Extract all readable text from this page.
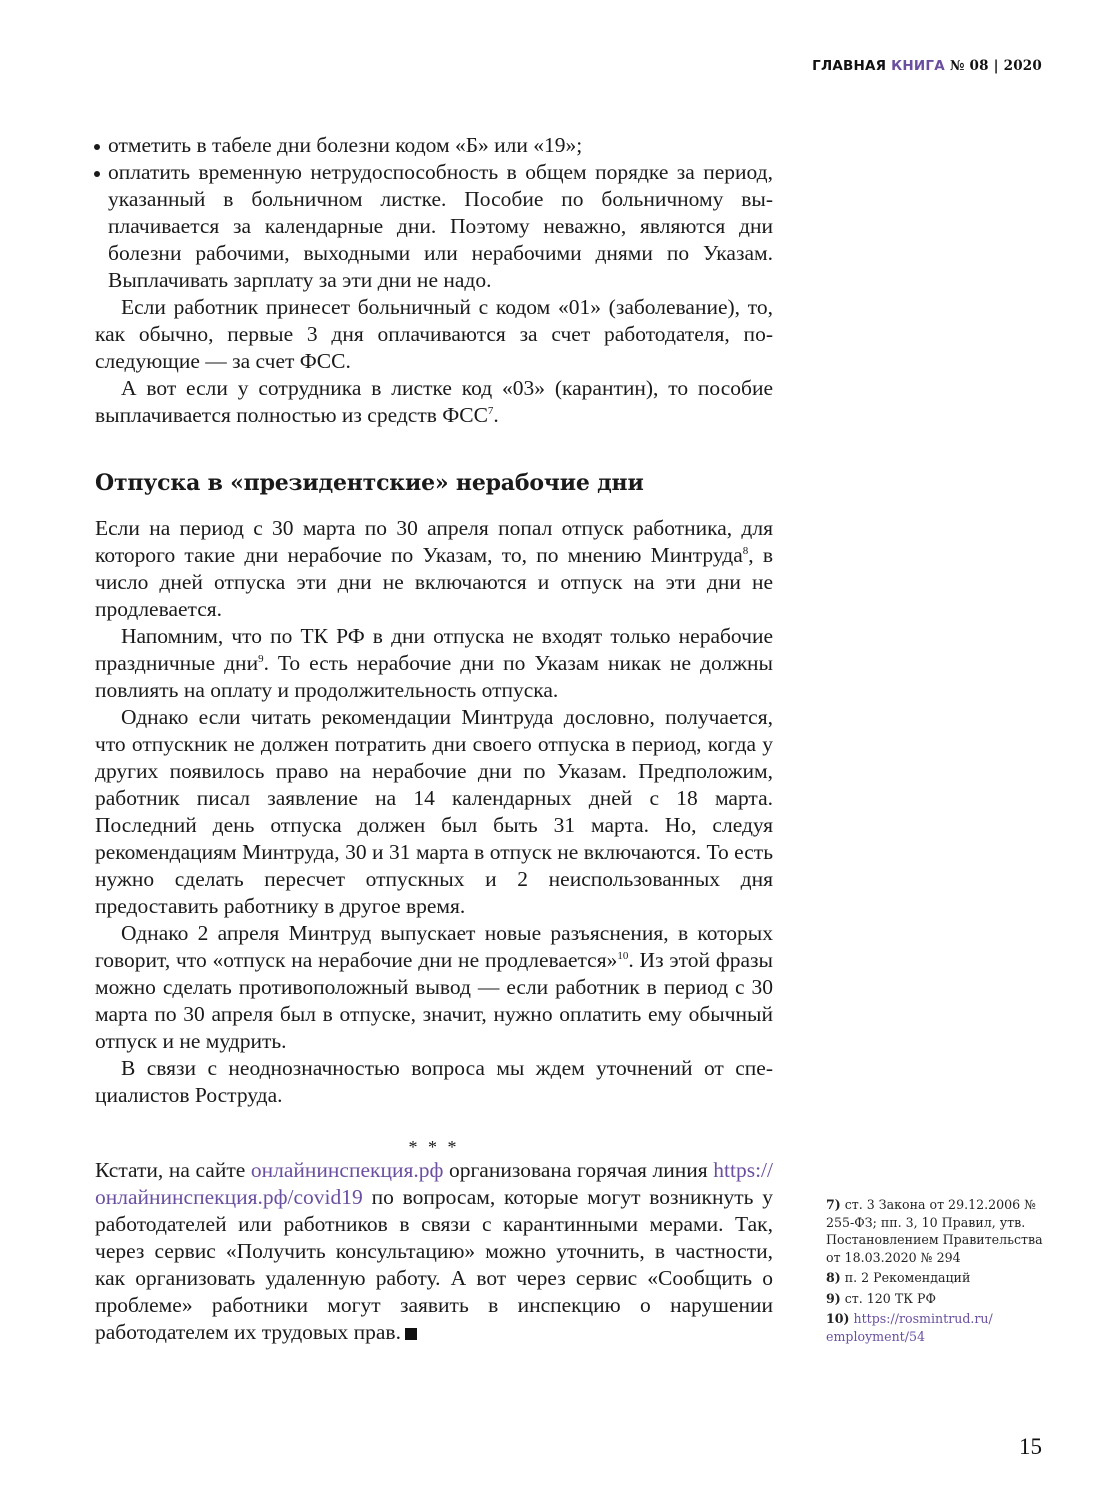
ГЛАВНАЯ КНИГА № 08 | 2020
отметить в табеле дни болезни кодом «Б» или «19»;
оплатить временную нетрудоспособность в общем порядке за период, указанный в больничном листке. Пособие по больничному выплачивается за календарные дни. Поэтому неважно, являются дни болезни рабочими, выходными или нерабочими днями по Указам. Выплачивать зарплату за эти дни не надо.

Если работник принесет больничный с кодом «01» (заболевание), то, как обычно, первые 3 дня оплачиваются за счет работодателя, последующие — за счет ФСС.

А вот если у сотрудника в листке код «03» (карантин), то пособие выплачивается полностью из средств ФСС$^7$.

Отпуска в «президентские» нерабочие дни

Если на период с 30 марта по 30 апреля попал отпуск работника, для которого такие дни нерабочие по Указам, то, по мнению Минтруда$^8$, в число дней отпуска эти дни не включаются и отпуск на эти дни не продлевается.

Напомним, что по ТК РФ в дни отпуска не входят только нерабочие праздничные дни$^9$. То есть нерабочие дни по Указам никак не должны повлиять на оплату и продолжительность отпуска.

Однако если читать рекомендации Минтруда дословно, получается, что отпускник не должен потратить дни своего отпуска в период, когда у других появилось право на нерабочие дни по Указам. Предположим, работник писал заявление на 14 календарных дней с 18 марта. Последний день отпуска должен был быть 31 марта. Но, следуя рекомендациям Минтруда, 30 и 31 марта в отпуск не включаются. То есть нужно сделать пересчет отпускных и 2 неиспользованных дня предоставить работнику в другое время.

Однако 2 апреля Минтруд выпускает новые разъяснения, в которых говорит, что «отпуск на нерабочие дни не продлевается»$^{10}$. Из этой фразы можно сделать противоположный вывод — если работник в период с 30 марта по 30 апреля был в отпуске, значит, нужно оплатить ему обычный отпуск и не мудрить.

В связи с неоднозначностью вопроса мы ждем уточнений от специалистов Роструда.

* * *

Кстати, на сайте онлайнинспекция.рф организована горячая линия https://онлайнинспекция.рф/covid19 по вопросам, которые могут возникнуть у работодателей или работников в связи с карантинными мерами. Так, через сервис «Получить консультацию» можно уточнить, в частности, как организовать удаленную работу. А вот через сервис «Сообщить о проблеме» работники могут заявить в инспекцию о нарушении работодателем их трудовых прав.

7) ст. 3 Закона от 29.12.2006 № 255-ФЗ; пп. 3, 10 Правил, утв. Постановлением Правительства от 18.03.2020 № 294

8) п. 2 Рекомендаций

9) ст. 120 ТК РФ

10) https://rosmintrud.ru/ employment/54

15
